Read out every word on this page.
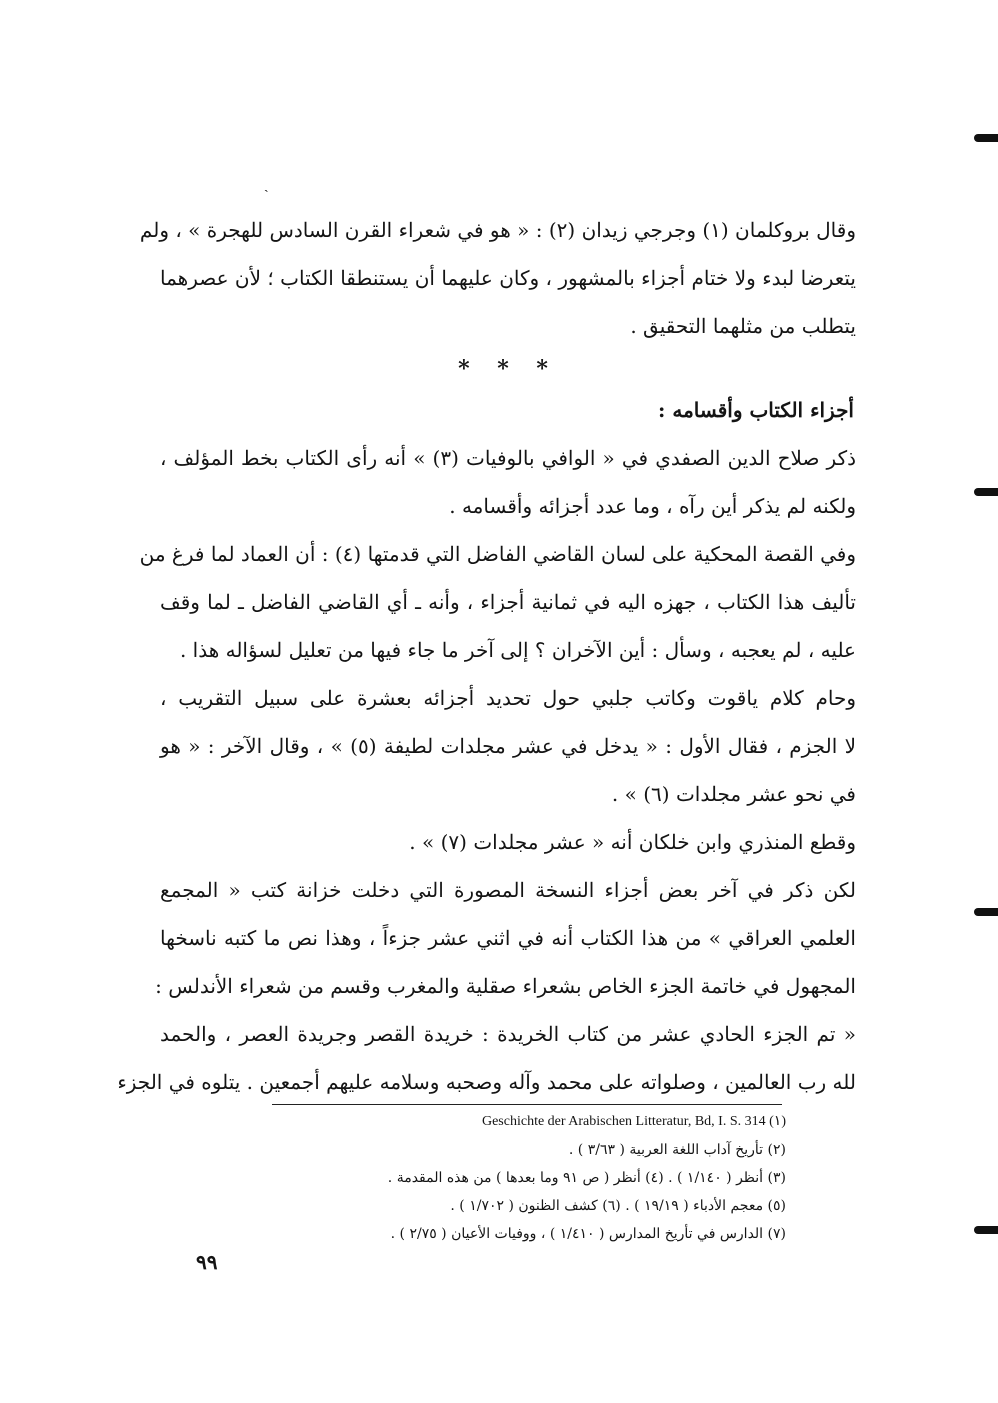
ˎ
وقال بروكلمان (١) وجرجي زيدان (٢) : « هو في شعراء القرن السادس للهجرة » ، ولم
يتعرضا لبدء ولا ختام أجزاء بالمشهور ، وكان عليهما أن يستنطقا الكتاب ؛ لأن عصرهما
يتطلب من مثلهما التحقيق .
* * *
أجزاء الكتاب وأقسامه :
ذكر صلاح الدين الصفدي في « الوافي بالوفيات (٣) » أنه رأى الكتاب بخط المؤلف ،
ولكنه لم يذكر أين رآه ، وما عدد أجزائه وأقسامه .
وفي القصة المحكية على لسان القاضي الفاضل التي قدمتها (٤) : أن العماد لما فرغ من
تأليف هذا الكتاب ، جهزه اليه في ثمانية أجزاء ، وأنه ـ أي القاضي الفاضل ـ لما وقف
عليه ، لم يعجبه ، وسأل : أين الآخران ؟ إلى آخر ما جاء فيها من تعليل لسؤاله هذا .
وحام كلام ياقوت وكاتب جلبي حول تحديد أجزائه بعشرة على سبيل التقريب ،
لا الجزم ، فقال الأول : « يدخل في عشر مجلدات لطيفة (٥) » ، وقال الآخر : « هو
في نحو عشر مجلدات (٦) » .
وقطع المنذري وابن خلكان أنه « عشر مجلدات (٧) » .
لكن ذكر في آخر بعض أجزاء النسخة المصورة التي دخلت خزانة كتب « المجمع
العلمي العراقي » من هذا الكتاب أنه في اثني عشر جزءاً ، وهذا نص ما كتبه ناسخها
المجهول في خاتمة الجزء الخاص بشعراء صقلية والمغرب وقسم من شعراء الأندلس :
« تم الجزء الحادي عشر من كتاب الخريدة : خريدة القصر وجريدة العصر ، والحمد
لله رب العالمين ، وصلواته على محمد وآله وصحبه وسلامه عليهم أجمعين . يتلوه في الجزء
(١) Geschichte der Arabischen Litteratur, Bd, I. S. 314
(٢) تأريخ آداب اللغة العربية ( ٣/٦٣ ) .
(٣) أنظر ( ١/١٤٠ ) . (٤) أنظر ( ص ٩١ وما بعدها ) من هذه المقدمة .
(٥) معجم الأدباء ( ١٩/١٩ ) . (٦) كشف الظنون ( ١/٧٠٢ ) .
(٧) الدارس في تأريخ المدارس ( ١/٤١٠ ) ، ووفيات الأعيان ( ٢/٧٥ ) .
٩٩
